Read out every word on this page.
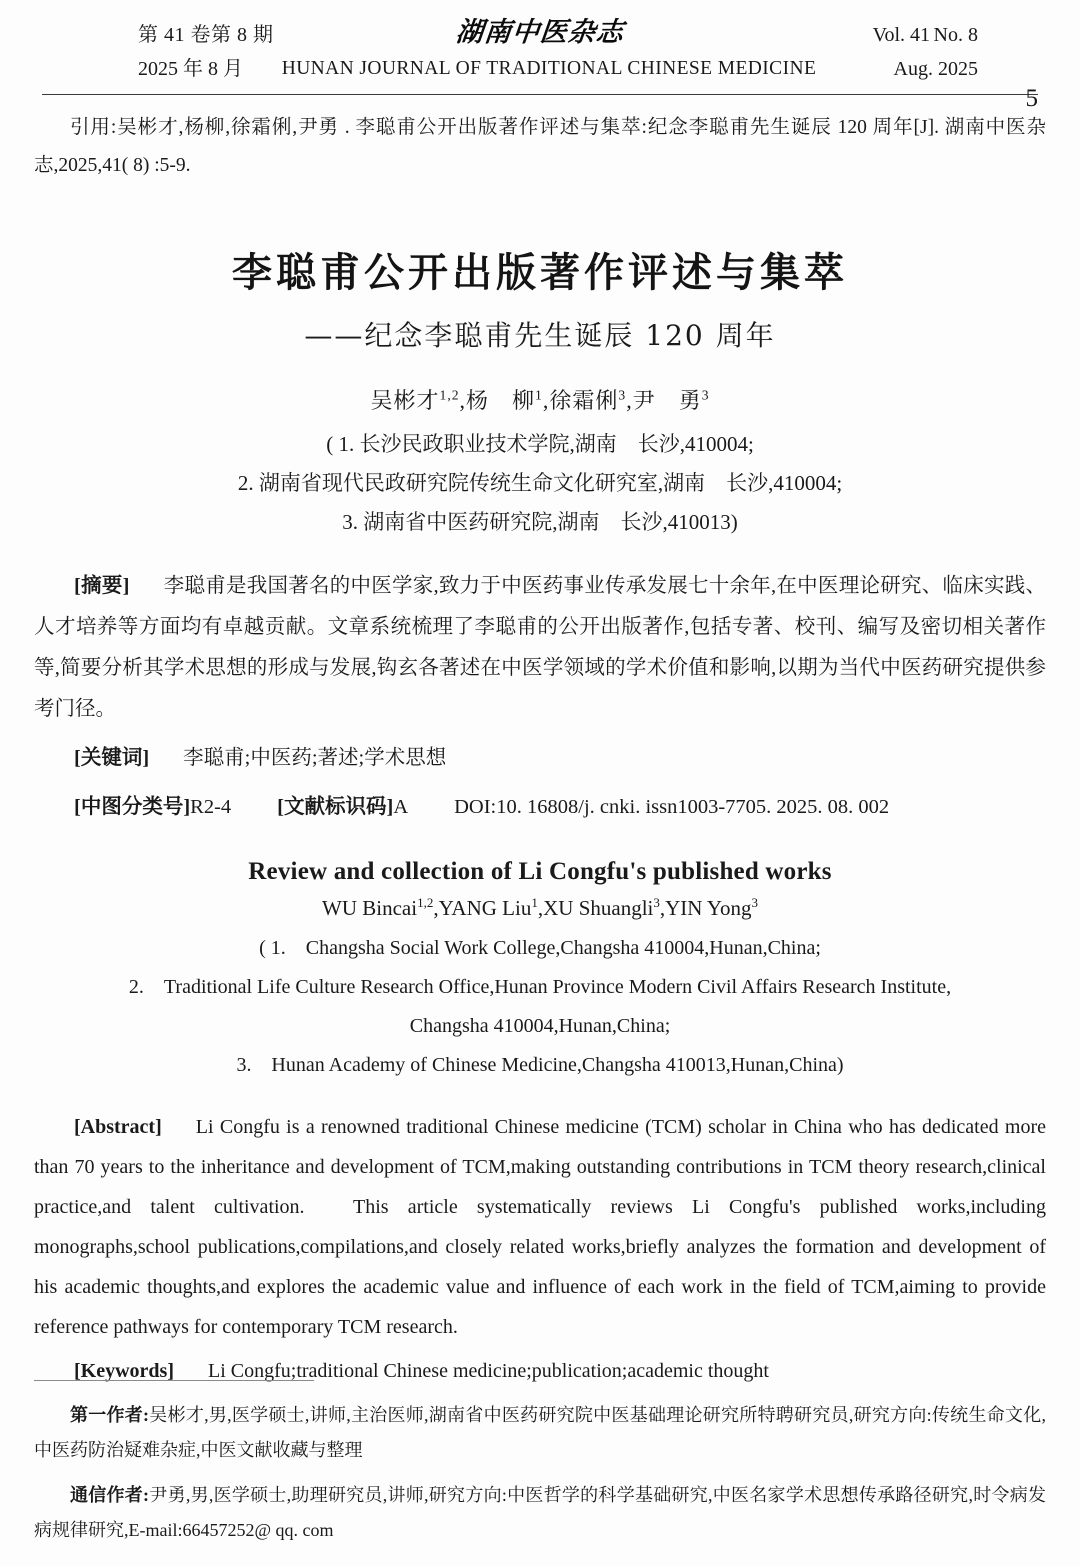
第 41 卷第 8 期	湖南中医杂志	Vol. 41 No. 8
2025 年 8 月	HUNAN JOURNAL OF TRADITIONAL CHINESE MEDICINE	Aug. 2025
5
引用:吴彬才,杨柳,徐霜俐,尹勇 . 李聪甫公开出版著作评述与集萃:纪念李聪甫先生诞辰 120 周年[J]. 湖南中医杂志,2025,41( 8) :5-9.
李聪甫公开出版著作评述与集萃
——纪念李聪甫先生诞辰 120 周年
吴彬才$^{1,2}$,杨　柳$^1$,徐霜俐$^3$,尹　勇$^3$
( 1. 长沙民政职业技术学院,湖南　长沙,410004;
2. 湖南省现代民政研究院传统生命文化研究室,湖南　长沙,410004;
3. 湖南省中医药研究院,湖南　长沙,410013)
[摘要] 李聪甫是我国著名的中医学家,致力于中医药事业传承发展七十余年,在中医理论研究、临床实践、人才培养等方面均有卓越贡献。文章系统梳理了李聪甫的公开出版著作,包括专著、校刊、编写及密切相关著作等,简要分析其学术思想的形成与发展,钩玄各著述在中医学领域的学术价值和影响,以期为当代中医药研究提供参考门径。
[关键词] 李聪甫;中医药;著述;学术思想
[中图分类号]R2-4 [文献标识码]A DOI:10. 16808/j. cnki. issn1003-7705. 2025. 08. 002
Review and collection of Li Congfu's published works
WU Bincai$^{1,2}$,YANG Liu$^1$,XU Shuangli$^3$,YIN Yong$^3$
( 1.　Changsha Social Work College,Changsha 410004,Hunan,China;
2.　Traditional Life Culture Research Office,Hunan Province Modern Civil Affairs Research Institute,
Changsha 410004,Hunan,China;
3.　Hunan Academy of Chinese Medicine,Changsha 410013,Hunan,China)
[Abstract] Li Congfu is a renowned traditional Chinese medicine (TCM) scholar in China who has dedicated more than 70 years to the inheritance and development of TCM,making outstanding contributions in TCM theory research,clinical practice,and talent cultivation.　This article systematically reviews Li Congfu's published works,including monographs,school publications,compilations,and closely related works,briefly analyzes the formation and development of his academic thoughts,and explores the academic value and influence of each work in the field of TCM,aiming to provide reference pathways for contemporary TCM research.
[Keywords] Li Congfu;traditional Chinese medicine;publication;academic thought

第一作者:吴彬才,男,医学硕士,讲师,主治医师,湖南省中医药研究院中医基础理论研究所特聘研究员,研究方向:传统生命文化,中医药防治疑难杂症,中医文献收藏与整理

通信作者:尹勇,男,医学硕士,助理研究员,讲师,研究方向:中医哲学的科学基础研究,中医名家学术思想传承路径研究,时令病发病规律研究,E-mail:66457252@ qq. com
